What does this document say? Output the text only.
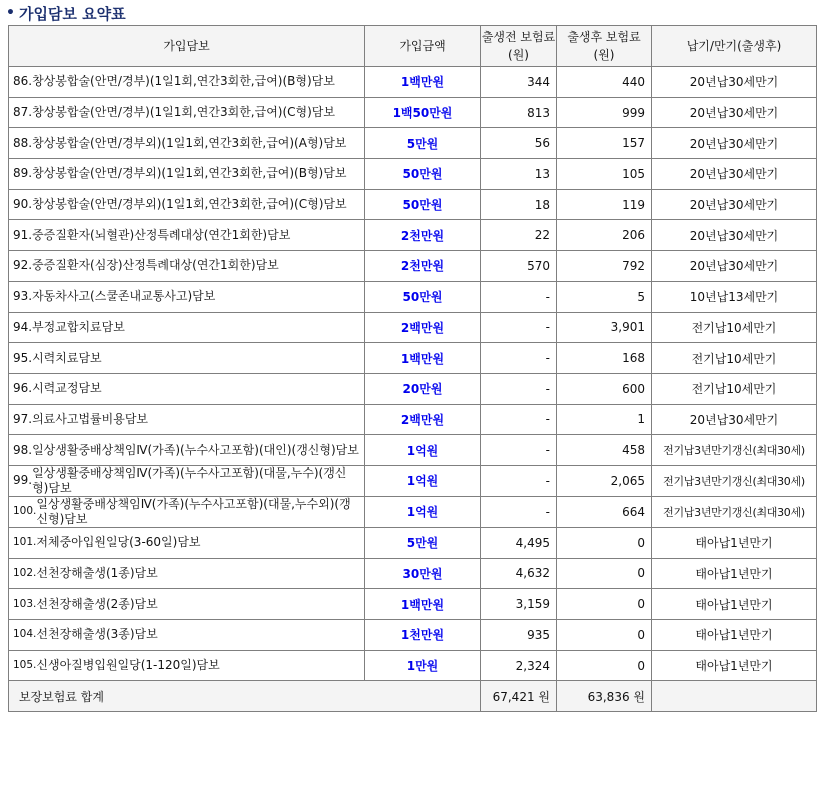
• 가입담보 요약표
가입담보	가입금액	출생전 보험료(원)	출생후 보험료(원)	납기/만기(출생후)

86. 창상봉합술(안면/경부)(1일1회,연간3회한,급여)(B형)담보	1백만원	344	440	20년납30세만기

87. 창상봉합술(안면/경부)(1일1회,연간3회한,급여)(C형)담보	1백50만원	813	999	20년납30세만기

88. 창상봉합술(안면/경부외)(1일1회,연간3회한,급여)(A형)담보	5만원	56	157	20년납30세만기

89. 창상봉합술(안면/경부외)(1일1회,연간3회한,급여)(B형)담보	50만원	13	105	20년납30세만기

90. 창상봉합술(안면/경부외)(1일1회,연간3회한,급여)(C형)담보	50만원	18	119	20년납30세만기

91. 중증질환자(뇌혈관)산정특례대상(연간1회한)담보	2천만원	22	206	20년납30세만기

92. 중증질환자(심장)산정특례대상(연간1회한)담보	2천만원	570	792	20년납30세만기

93. 자동차사고(스쿨존내교통사고)담보	50만원	-	5	10년납13세만기

94. 부정교합치료담보	2백만원	-	3,901	전기납10세만기

95. 시력치료담보	1백만원	-	168	전기납10세만기

96. 시력교정담보	20만원	-	600	전기납10세만기

97. 의료사고법률비용담보	2백만원	-	1	20년납30세만기

98. 일상생활중배상책임Ⅳ(가족)(누수사고포함)(대인)(갱신형)담보	1억원	-	458	전기납3년만기갱신(최대30세)

99.
일상생활중배상책임Ⅳ(가족)(누수사고포함)(대물,누수)(갱신형)담보	1억원	-	2,065	전기납3년만기갱신(최대30세)

100.
일상생활중배상책임Ⅳ(가족)(누수사고포함)(대물,누수외)(갱신형)담보	1억원	-	664	전기납3년만기갱신(최대30세)

101. 저체중아입원일당(3-60일)담보	5만원	4,495	0	태아납1년만기

102. 선천장해출생(1종)담보	30만원	4,632	0	태아납1년만기

103. 선천장해출생(2종)담보	1백만원	3,159	0	태아납1년만기

104. 선천장해출생(3종)담보	1천만원	935	0	태아납1년만기

105. 신생아질병입원일당(1-120일)담보	1만원	2,324	0	태아납1년만기
보장보험료 합계		67,421 원	63,836 원	
